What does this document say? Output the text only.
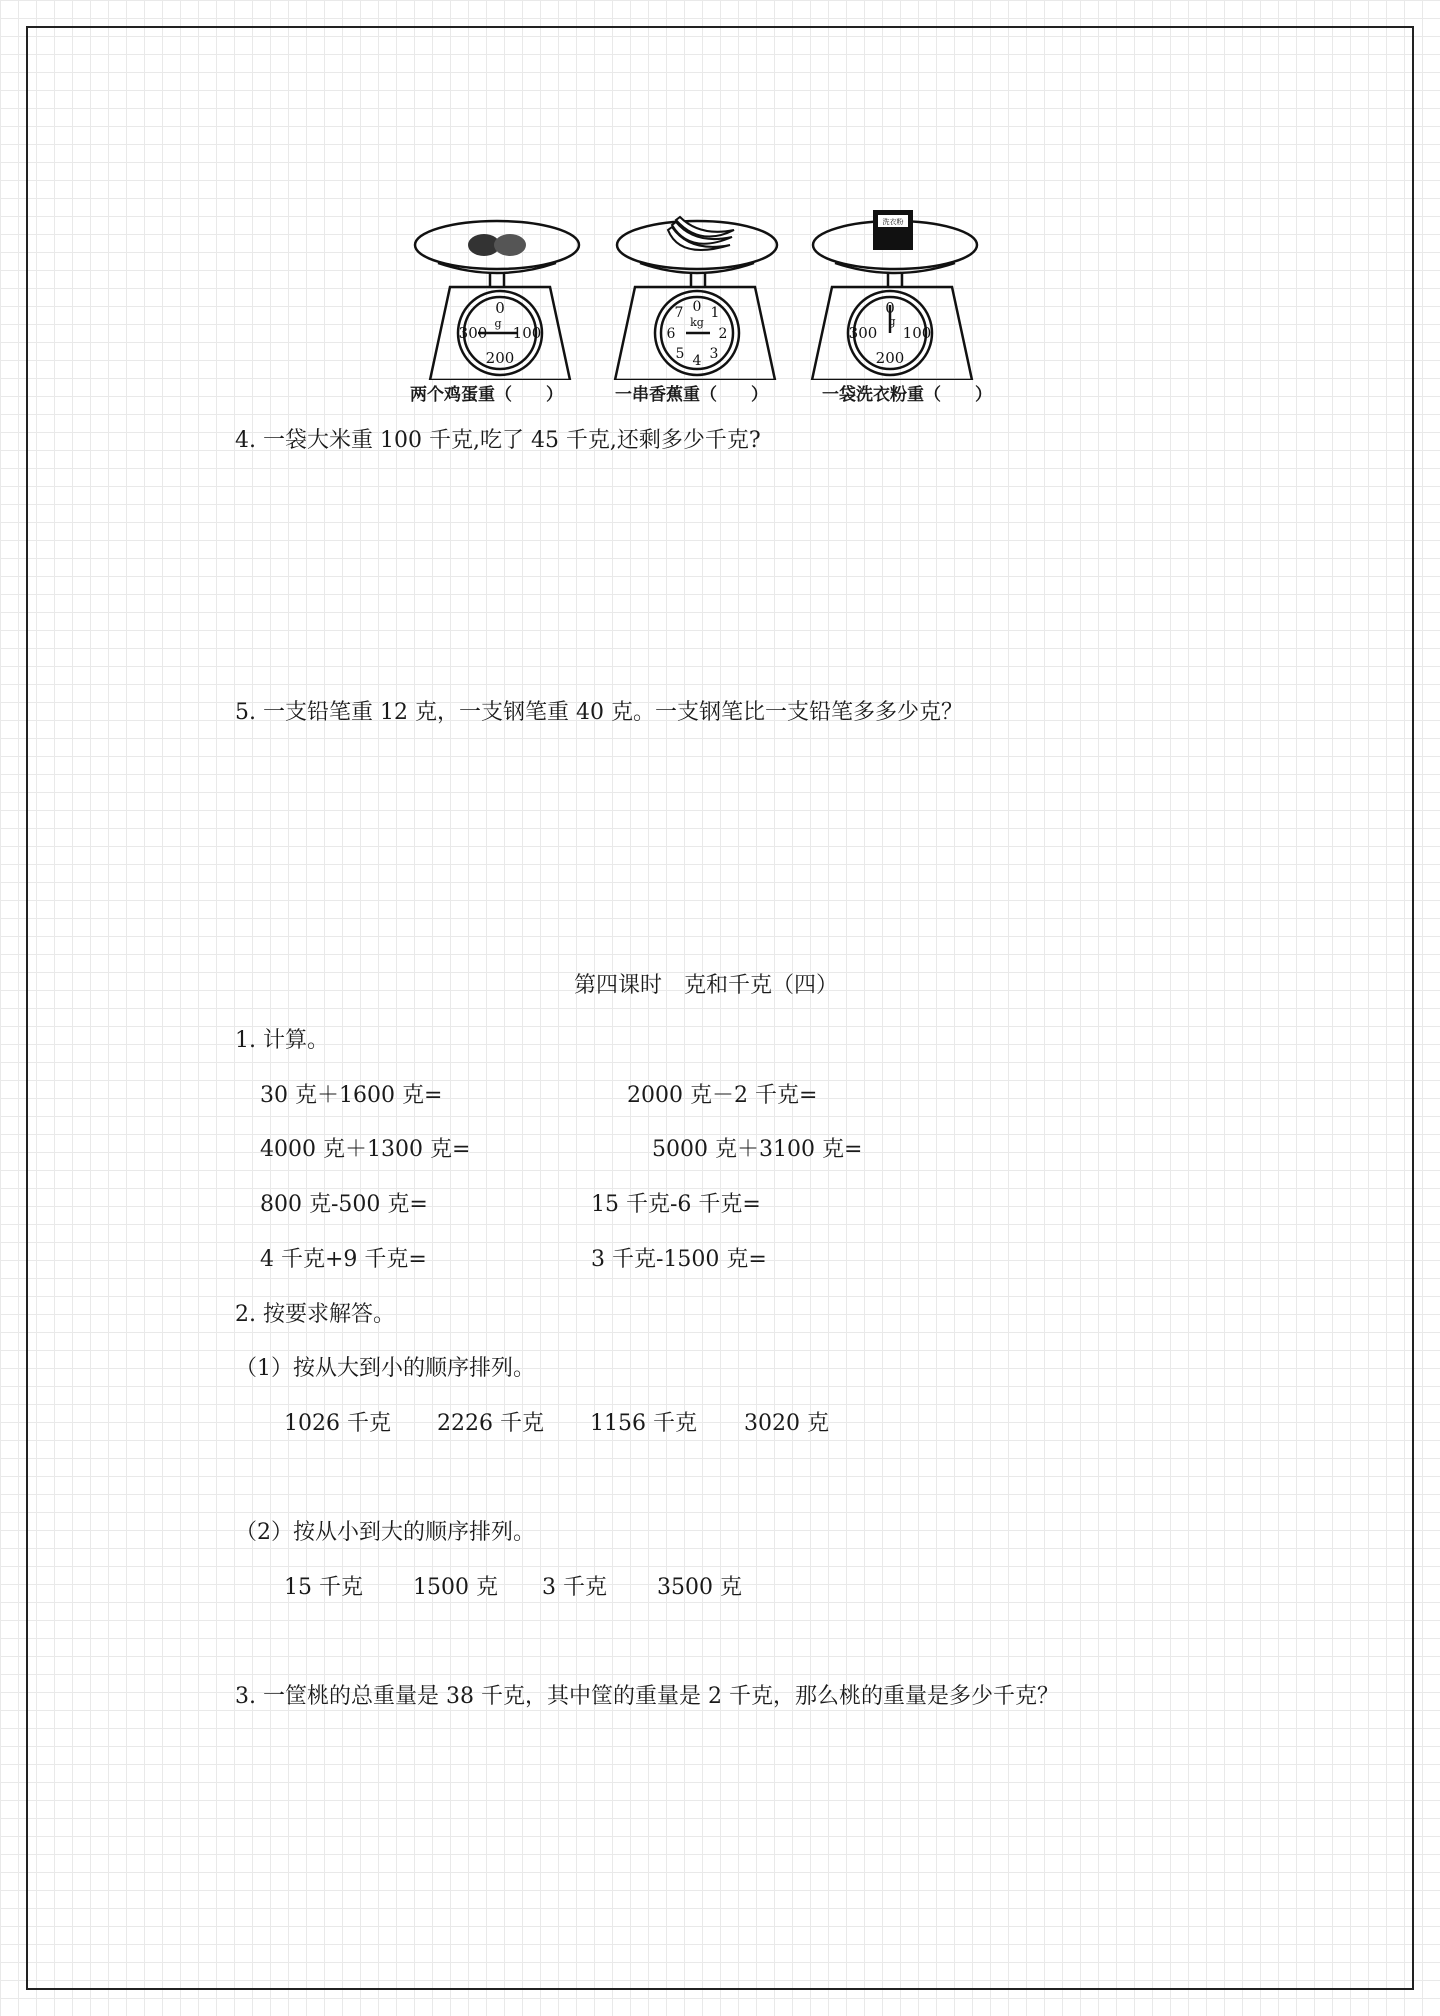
洗衣粉
0
100
200
300
g
0 1
2
3
4
5
6
7
kg
0
100
200
300
g
两个鸡蛋重（　　）	一串香蕉重（　　）	一袋洗衣粉重（　　）
4. 一袋大米重 100 千克,吃了 45 千克,还剩多少千克?
5. 一支铅笔重 12 克，一支钢笔重 40 克。一支钢笔比一支铅笔多多少克？
第四课时　克和千克（四）
1. 计算。
30 克＋1600 克=	2000 克－2 千克=
4000 克＋1300 克=	5000 克＋3100 克=
800 克-500 克=	15 千克-6 千克=
4 千克+9 千克=	3 千克-1500 克=
2. 按要求解答。
（1）按从大到小的顺序排列。
1026 千克 2226 千克 1156 千克 3020 克
（2）按从小到大的顺序排列。
15 千克 1500 克 3 千克 3500 克
3. 一筐桃的总重量是 38 千克，其中筐的重量是 2 千克，那么桃的重量是多少千克？
